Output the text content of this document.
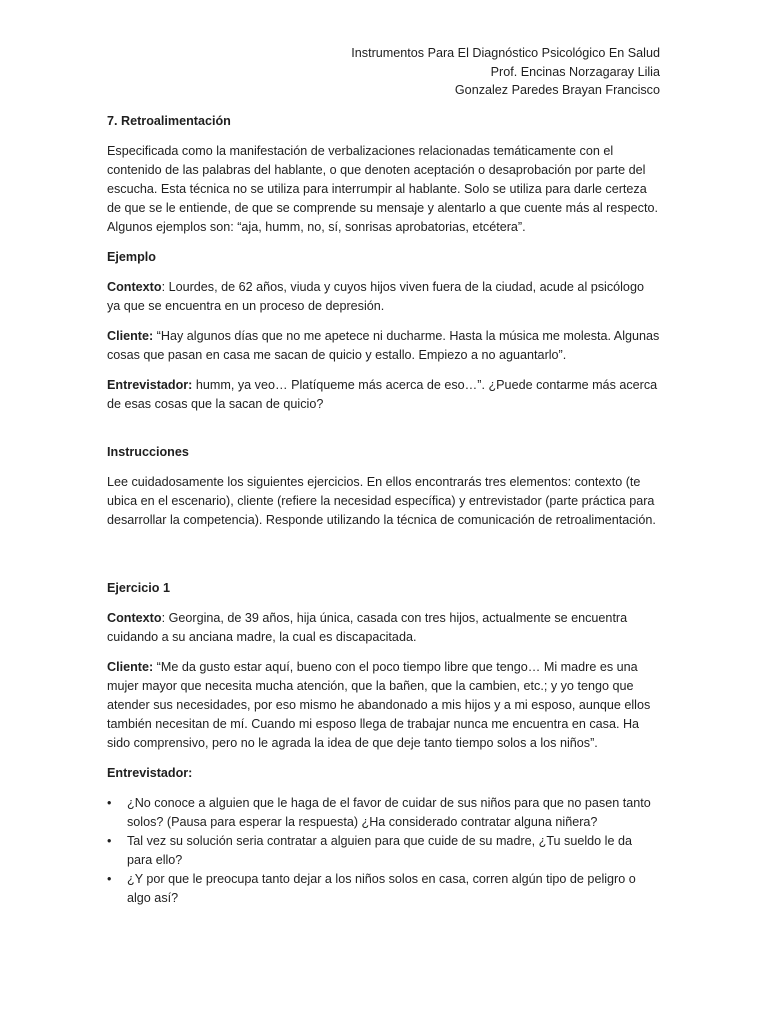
Instrumentos Para El Diagnóstico Psicológico En Salud
Prof. Encinas Norzagaray Lilia
Gonzalez Paredes Brayan Francisco
7. Retroalimentación

Especificada como la manifestación de verbalizaciones relacionadas temáticamente con el contenido de las palabras del hablante, o que denoten aceptación o desaprobación por parte del escucha. Esta técnica no se utiliza para interrumpir al hablante. Solo se utiliza para darle certeza de que se le entiende, de que se comprende su mensaje y alentarlo a que cuente más al respecto. Algunos ejemplos son: “aja, humm, no, sí, sonrisas aprobatorias, etcétera”.

Ejemplo

Contexto: Lourdes, de 62 años, viuda y cuyos hijos viven fuera de la ciudad, acude al psicólogo ya que se encuentra en un proceso de depresión.

Cliente: “Hay algunos días que no me apetece ni ducharme. Hasta la música me molesta. Algunas cosas que pasan en casa me sacan de quicio y estallo. Empiezo a no aguantarlo”.

Entrevistador: humm, ya veo… Platíqueme más acerca de eso…”. ¿Puede contarme más acerca de esas cosas que la sacan de quicio?

Instrucciones

Lee cuidadosamente los siguientes ejercicios. En ellos encontrarás tres elementos: contexto (te ubica en el escenario), cliente (refiere la necesidad específica) y entrevistador (parte práctica para desarrollar la competencia). Responde utilizando la técnica de comunicación de retroalimentación.

Ejercicio 1

Contexto: Georgina, de 39 años, hija única, casada con tres hijos, actualmente se encuentra cuidando a su anciana madre, la cual es discapacitada.

Cliente: “Me da gusto estar aquí, bueno con el poco tiempo libre que tengo… Mi madre es una mujer mayor que necesita mucha atención, que la bañen, que la cambien, etc.; y yo tengo que atender sus necesidades, por eso mismo he abandonado a mis hijos y a mi esposo, aunque ellos también necesitan de mí. Cuando mi esposo llega de trabajar nunca me encuentra en casa. Ha sido comprensivo, pero no le agrada la idea de que deje tanto tiempo solos a los niños”.

Entrevistador:
• ¿No conoce a alguien que le haga de el favor de cuidar de sus niños para que no pasen tanto solos? (Pausa para esperar la respuesta) ¿Ha considerado contratar alguna niñera?
• Tal vez su solución seria contratar a alguien para que cuide de su madre, ¿Tu sueldo le da para ello?
• ¿Y por que le preocupa tanto dejar a los niños solos en casa, corren algún tipo de peligro o algo así?
